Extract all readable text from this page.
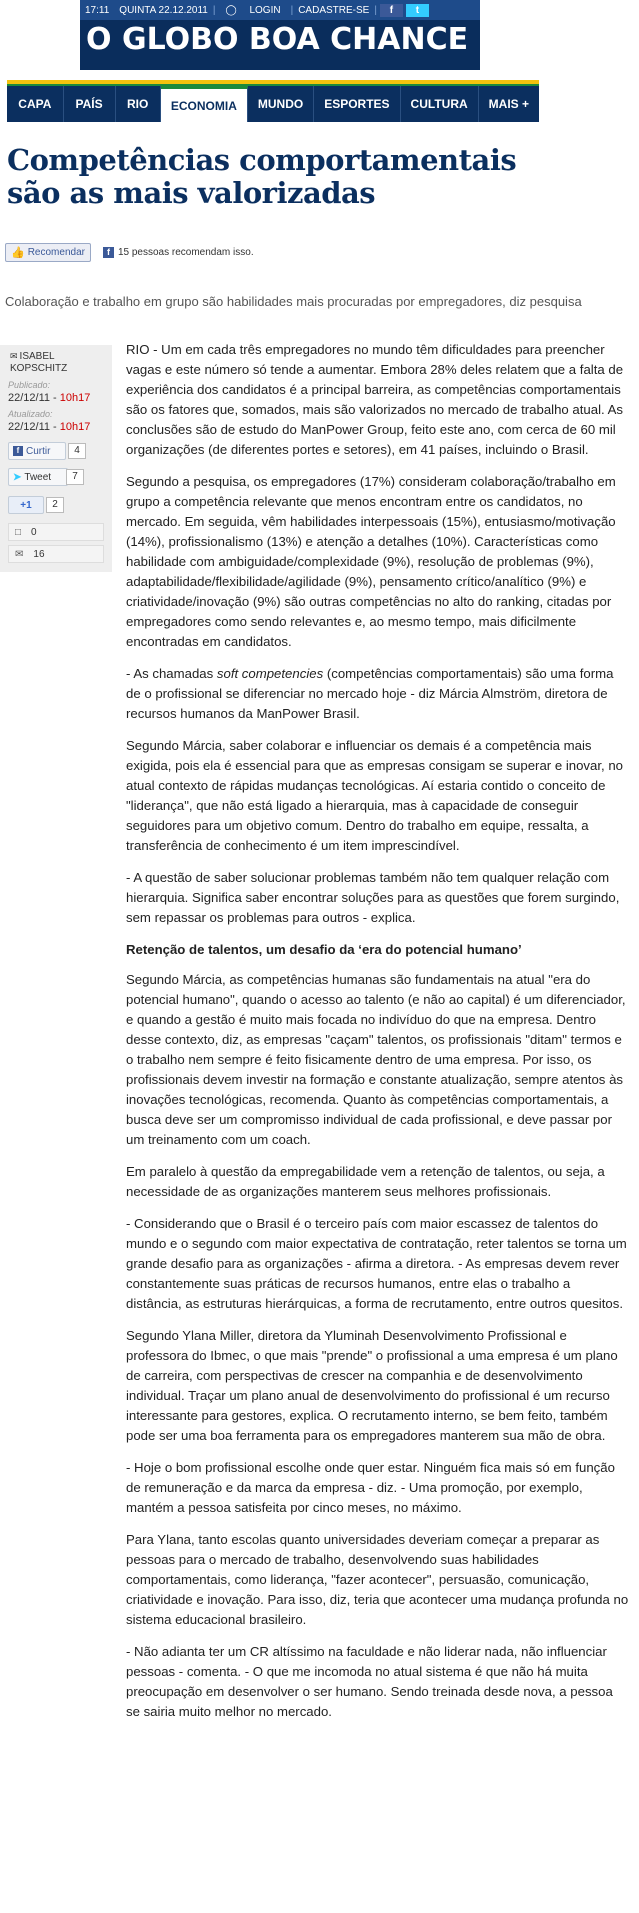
17:11	QUINTA 22.12.2011 |	◯ LOGIN	| CADASTRE-SE |	f	t
O GLOBO BOA CHANCE
CAPA	PAÍS	RIO	ECONOMIA	MUNDO	ESPORTES	CULTURA	MAIS +
Competências comportamentais
são as mais valorizadas
👍 Recomendar	f 15 pessoas recomendam isso.

Colaboração e trabalho em grupo são habilidades mais procuradas por empregadores, diz pesquisa

✉ ISABEL
KOPSCHITZ
Publicado:
22/12/11 - 10h17
Atualizado:
22/12/11 - 10h17
f Curtir	4
➤ Tweet	7
+1	2
□ 0
✉ 16

RIO - Um em cada três empregadores no mundo têm dificuldades para preencher vagas e este número só tende a aumentar. Embora 28% deles relatem que a falta de experiência dos candidatos é a principal barreira, as competências comportamentais são os fatores que, somados, mais são valorizados no mercado de trabalho atual. As conclusões são de estudo do ManPower Group, feito este ano, com cerca de 60 mil organizações (de diferentes portes e setores), em 41 países, incluindo o Brasil.

Segundo a pesquisa, os empregadores (17%) consideram colaboração/trabalho em grupo a competência relevante que menos encontram entre os candidatos, no mercado. Em seguida, vêm habilidades interpessoais (15%), entusiasmo/motivação (14%), profissionalismo (13%) e atenção a detalhes (10%). Características como habilidade com ambiguidade/complexidade (9%), resolução de problemas (9%), adaptabilidade/flexibilidade/agilidade (9%), pensamento crítico/analítico (9%) e criatividade/inovação (9%) são outras competências no alto do ranking, citadas por empregadores como sendo relevantes e, ao mesmo tempo, mais dificilmente encontradas em candidatos.

- As chamadas soft competencies (competências comportamentais) são uma forma de o profissional se diferenciar no mercado hoje - diz Márcia Almström, diretora de recursos humanos da ManPower Brasil.

Segundo Márcia, saber colaborar e influenciar os demais é a competência mais exigida, pois ela é essencial para que as empresas consigam se superar e inovar, no atual contexto de rápidas mudanças tecnológicas. Aí estaria contido o conceito de "liderança", que não está ligado a hierarquia, mas à capacidade de conseguir seguidores para um objetivo comum. Dentro do trabalho em equipe, ressalta, a transferência de conhecimento é um item imprescindível.

- A questão de saber solucionar problemas também não tem qualquer relação com hierarquia. Significa saber encontrar soluções para as questões que forem surgindo, sem repassar os problemas para outros - explica.

Retenção de talentos, um desafio da ‘era do potencial humano’

Segundo Márcia, as competências humanas são fundamentais na atual "era do potencial humano", quando o acesso ao talento (e não ao capital) é um diferenciador, e quando a gestão é muito mais focada no indivíduo do que na empresa. Dentro desse contexto, diz, as empresas "caçam" talentos, os profissionais "ditam" termos e o trabalho nem sempre é feito fisicamente dentro de uma empresa. Por isso, os profissionais devem investir na formação e constante atualização, sempre atentos às inovações tecnológicas, recomenda. Quanto às competências comportamentais, a busca deve ser um compromisso individual de cada profissional, e deve passar por um treinamento com um coach.

Em paralelo à questão da empregabilidade vem a retenção de talentos, ou seja, a necessidade de as organizações manterem seus melhores profissionais.

- Considerando que o Brasil é o terceiro país com maior escassez de talentos do mundo e o segundo com maior expectativa de contratação, reter talentos se torna um grande desafio para as organizações - afirma a diretora. - As empresas devem rever constantemente suas práticas de recursos humanos, entre elas o trabalho a distância, as estruturas hierárquicas, a forma de recrutamento, entre outros quesitos.

Segundo Ylana Miller, diretora da Yluminah Desenvolvimento Profissional e professora do Ibmec, o que mais "prende" o profissional a uma empresa é um plano de carreira, com perspectivas de crescer na companhia e de desenvolvimento individual. Traçar um plano anual de desenvolvimento do profissional é um recurso interessante para gestores, explica. O recrutamento interno, se bem feito, também pode ser uma boa ferramenta para os empregadores manterem sua mão de obra.

- Hoje o bom profissional escolhe onde quer estar. Ninguém fica mais só em função de remuneração e da marca da empresa - diz. - Uma promoção, por exemplo, mantém a pessoa satisfeita por cinco meses, no máximo.

Para Ylana, tanto escolas quanto universidades deveriam começar a preparar as pessoas para o mercado de trabalho, desenvolvendo suas habilidades comportamentais, como liderança, "fazer acontecer", persuasão, comunicação, criatividade e inovação. Para isso, diz, teria que acontecer uma mudança profunda no sistema educacional brasileiro.

- Não adianta ter um CR altíssimo na faculdade e não liderar nada, não influenciar pessoas - comenta. - O que me incomoda no atual sistema é que não há muita preocupação em desenvolver o ser humano. Sendo treinada desde nova, a pessoa se sairia muito melhor no mercado.
